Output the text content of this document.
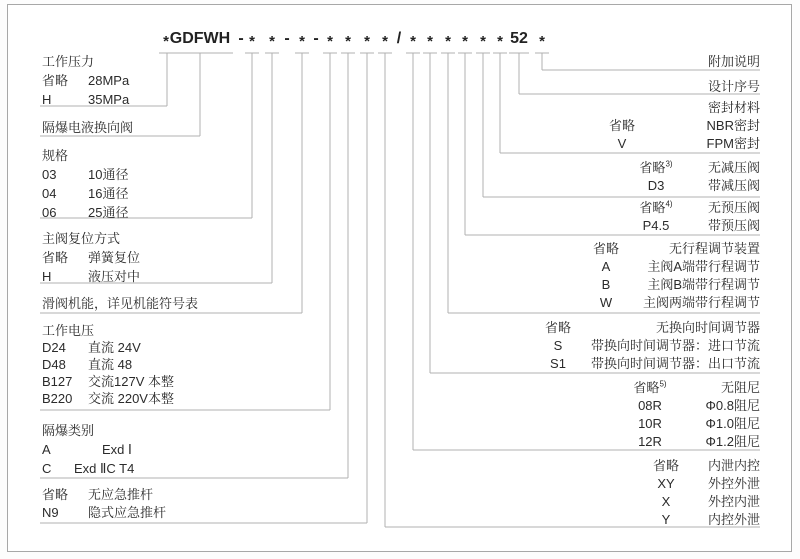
* GDFWH - * * - * - * * * * / * * * * * * 52 *
工作压力
省略	28MPa
H	35MPa
隔爆电液换向阀
规格
03	10通径
04	16通径
06	25通径
主阀复位方式
省略	弹簧复位
H	液压对中
滑阀机能，详见机能符号表
工作电压
D24	直流 24V
D48	直流 48
B127	交流127V 本整
B220	交流 220V本整
隔爆类别
A	Exd Ⅰ
C	Exd ⅡC T4
省略	无应急推杆
N9	隐式应急推杆
附加说明
设计序号
密封材料
省略	NBR密封
V	FPM密封
省略$^{3)}$	无减压阀
D3	带减压阀
省略$^{4)}$	无预压阀
P4.5	带预压阀
省略	无行程调节装置
A	主阀A端带行程调节
B	主阀B端带行程调节
W	主阀两端带行程调节
省略	无换向时间调节器
S	带换向时间调节器：进口节流
S1	带换向时间调节器：出口节流
省略$^{5)}$	无阻尼
08R	Φ0.8阻尼
10R	Φ1.0阻尼
12R	Φ1.2阻尼
省略	内泄内控
XY	外控外泄
X	外控内泄
Y	内控外泄
